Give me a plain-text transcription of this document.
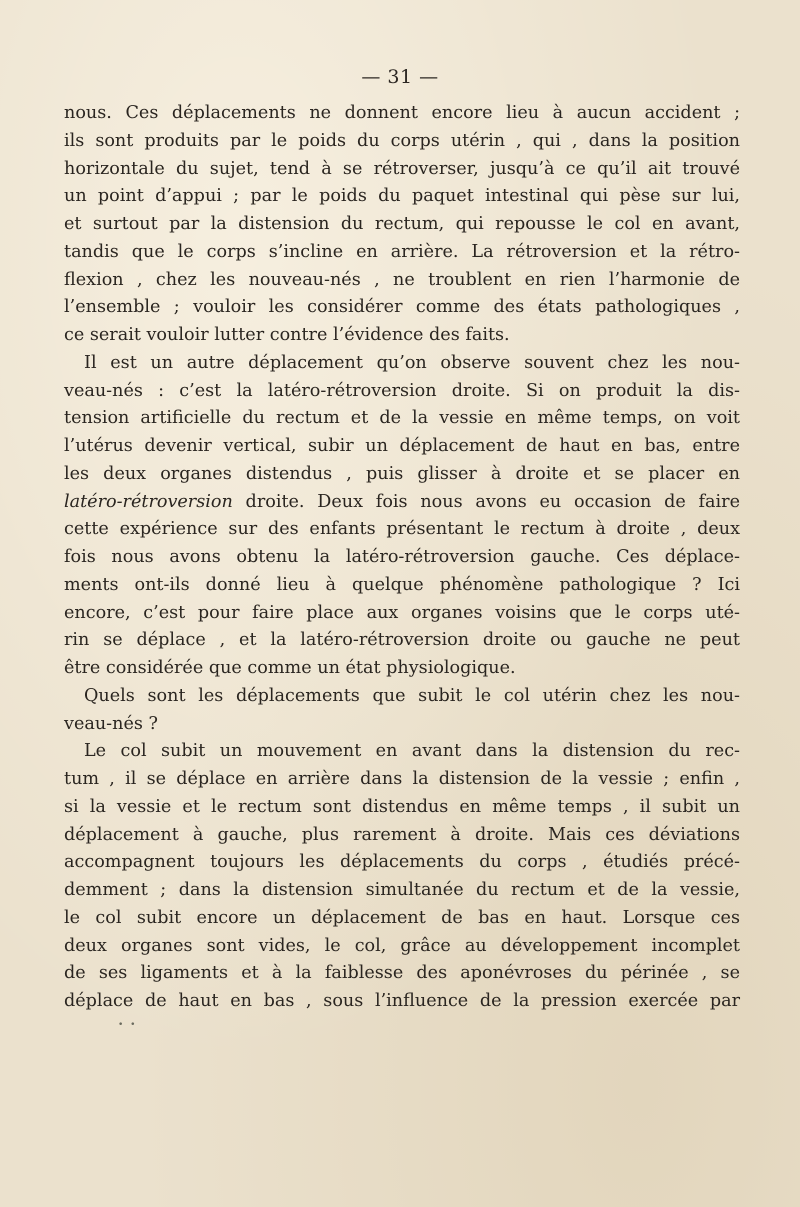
— 31 —
nous. Ces déplacements ne donnent encore lieu à aucun accident ;
ils sont produits par le poids du corps utérin , qui , dans la position
horizontale du sujet, tend à se rétroverser, jusqu’à ce qu’il ait trouvé
un point d’appui ; par le poids du paquet intestinal qui pèse sur lui,
et surtout par la distension du rectum, qui repousse le col en avant,
tandis que le corps s’incline en arrière. La rétroversion et la rétro-
flexion , chez les nouveau-nés , ne troublent en rien l’harmonie de
l’ensemble ; vouloir les considérer comme des états pathologiques ,
ce serait vouloir lutter contre l’évidence des faits.
Il est un autre déplacement qu’on observe souvent chez les nou-
veau-nés : c’est la latéro-rétroversion droite. Si on produit la dis-
tension artificielle du rectum et de la vessie en même temps, on voit
l’utérus devenir vertical, subir un déplacement de haut en bas, entre
les deux organes distendus , puis glisser à droite et se placer en
latéro-rétroversion droite. Deux fois nous avons eu occasion de faire
cette expérience sur des enfants présentant le rectum à droite , deux
fois nous avons obtenu la latéro-rétroversion gauche. Ces déplace-
ments ont-ils donné lieu à quelque phénomène pathologique ? Ici
encore, c’est pour faire place aux organes voisins que le corps uté-
rin se déplace , et la latéro-rétroversion droite ou gauche ne peut
être considérée que comme un état physiologique.
Quels sont les déplacements que subit le col utérin chez les nou-
veau-nés ?
Le col subit un mouvement en avant dans la distension du rec-
tum , il se déplace en arrière dans la distension de la vessie ; enfin ,
si la vessie et le rectum sont distendus en même temps , il subit un
déplacement à gauche, plus rarement à droite. Mais ces déviations
accompagnent toujours les déplacements du corps , étudiés précé-
demment ; dans la distension simultanée du rectum et de la vessie,
le col subit encore un déplacement de bas en haut. Lorsque ces
deux organes sont vides, le col, grâce au développement incomplet
de ses ligaments et à la faiblesse des aponévroses du périnée , se
déplace de haut en bas , sous l’influence de la pression exercée par
• •
